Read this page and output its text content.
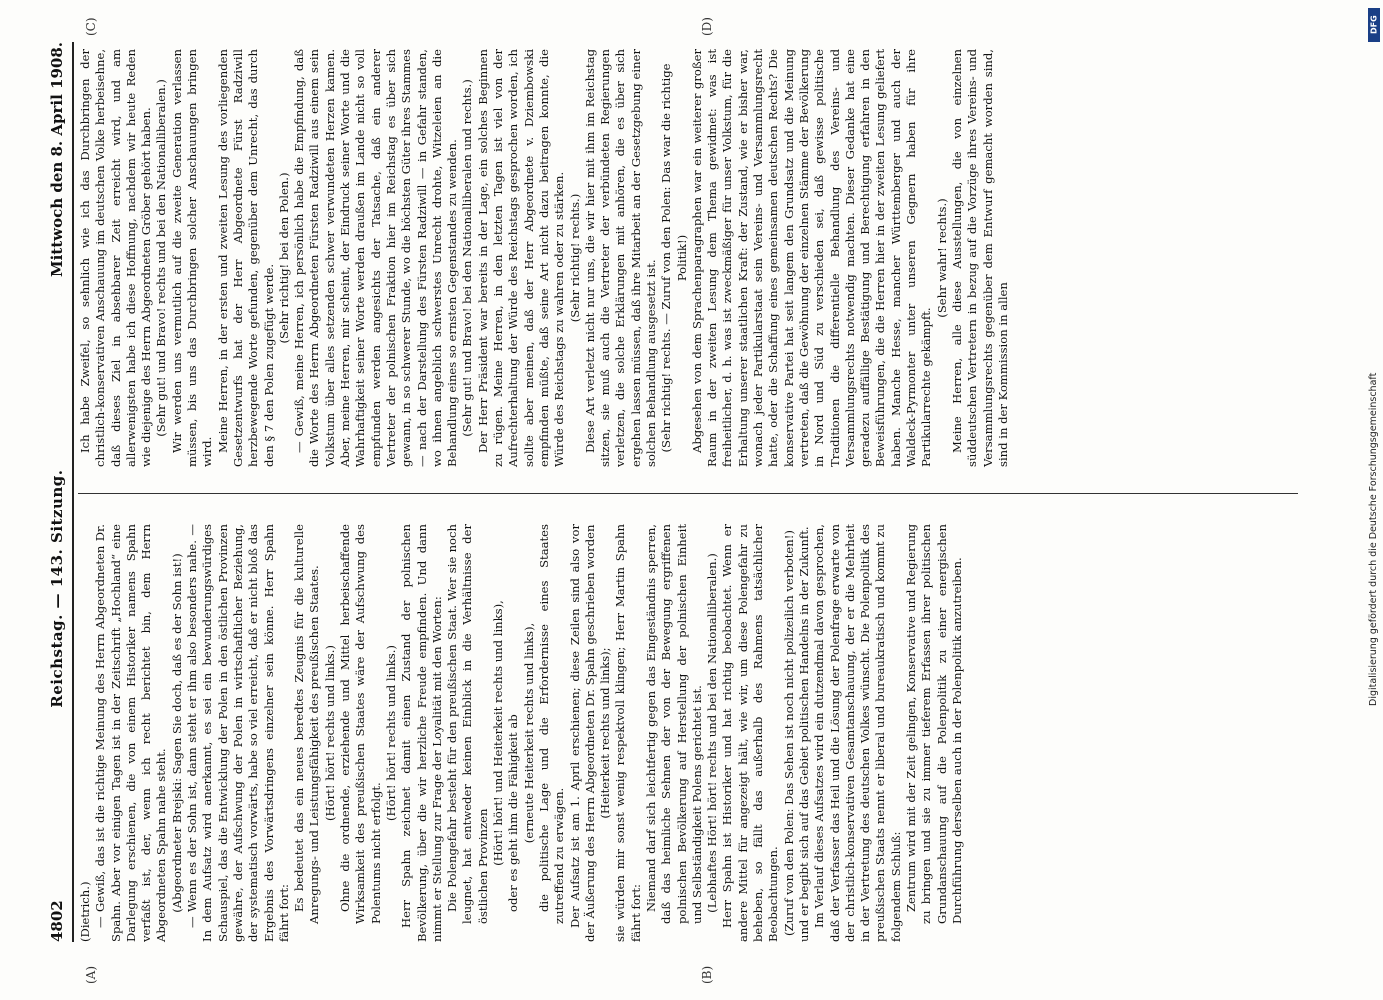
4802
Reichstag. — 143. Sitzung.
Mittwoch den 8. April 1908.
(A)	(B)
(C)	(D)

(Dietrich.) — Gewiß, das ist die richtige Meinung des Herrn Abgeordneten Dr. Spahn. Aber vor einigen Tagen ist in der Zeitschrift „Hochland“ eine Darlegung erschienen, die von einem Historiker namens Spahn verfaßt ist, der, wenn ich recht berichtet bin, dem Herrn Abgeordneten Spahn nahe steht. (Abgeordneter Brejski: Sagen Sie doch, daß es der Sohn ist!) — Wenn es der Sohn ist, dann steht er ihm also besonders nahe. — In dem Aufsatz wird anerkannt, es sei ein bewunderungswürdiges Schauspiel, das die Entwicklung der Polen in den östlichen Provinzen gewähre, der Aufschwung der Polen in wirtschaftlicher Beziehung, der systematisch vorwärts, habe so viel erreicht, daß er nicht bloß das Ergebnis des Vorwärtsdringens einzelner sein könne. Herr Spahn fährt fort:

Es bedeutet das ein neues beredtes Zeugnis für die kulturelle Anregungs- und Leistungsfähigkeit des preußischen Staates. (Hört! hört! rechts und links.) Ohne die ordnende, erziehende und Mittel herbeischaffende Wirksamkeit des preußischen Staates wäre der Aufschwung des Polentums nicht erfolgt.

(Hört! hört! rechts und links.) Herr Spahn zeichnet damit einen Zustand der polnischen Bevölkerung, über die wir herzliche Freude empfinden. Und dann nimmt er Stellung zur Frage der Loyalität mit den Worten: Die Polengefahr besteht für den preußischen Staat. Wer sie noch leugnet, hat entweder keinen Einblick in die Verhältnisse der östlichen Provinzen

(Hört! hört! und Heiterkeit rechts und links), oder es geht ihm die Fähigkeit ab (erneute Heiterkeit rechts und links), die politische Lage und die Erfordernisse eines Staates zutreffend zu erwägen. Der Aufsatz ist am 1. April erschienen; diese Zeilen sind also vor der Äußerung des Herrn Abgeordneten Dr. Spahn geschrieben worden (Heiterkeit rechts und links); sie würden mir sonst wenig respektvoll klingen; Herr Martin Spahn fährt fort:

Niemand darf sich leichtfertig gegen das Eingeständnis sperren, daß das heimliche Sehnen der von der Bewegung ergriffenen polnischen Bevölkerung auf Herstellung der polnischen Einheit und Selbständigkeit Polens gerichtet ist. (Lebhaftes Hört! hört! rechts und bei den Nationalliberalen.) Herr Spahn ist Historiker und hat richtig beobachtet. Wenn er andere Mittel für angezeigt hält, wie wir, um diese Polengefahr zu beheben, so fällt das außerhalb des Rahmens tatsächlicher Beobachtungen. (Zuruf von den Polen: Das Sehen ist noch nicht polizeilich verboten!) und er begibt sich auf das Gebiet politischen Handelns in der Zukunft. Im Verlauf dieses Aufsatzes wird ein dutzendmal davon gesprochen, daß der Verfasser das Heil und die Lösung der Polenfrage erwarte von der christlich-konservativen Gesamtanschauung, der er die Mehrheit in der Vertretung des deutschen Volkes wünscht. Die Polenpolitik des preußischen Staats nennt er liberal und bureaukratisch und kommt zu folgendem Schluß: Zentrum wird mit der Zeit gelingen, Konservative und Regierung zu bringen und sie zu immer tieferem Erfassen ihrer politischen Grundanschauung auf die Polenpolitik zu einer energischen Durchführung derselben auch in der Polenpolitik anzutreiben.

Ich habe Zweifel, so sehnlich wie ich das Durchbringen der christlich-konservativen Anschauung im deutschen Volke herbeisehne, daß dieses Ziel in absehbarer Zeit erreicht wird, und am allerwenigsten habe ich diese Hoffnung, nachdem wir heute Reden wie diejenige des Herrn Abgeordneten Gröber gehört haben. (Sehr gut! und Bravo! rechts und bei den Nationalliberalen.) Wir werden uns vermutlich auf die zweite Generation verlassen müssen, bis uns das Durchbringen solcher Anschauungen bringen wird. Meine Herren, in der ersten und zweiten Lesung des vorliegenden Gesetzentwurfs hat der Herr Abgeordnete Fürst Radziwill herzbewegende Worte gefunden, gegenüber dem Unrecht, das durch den § 7 den Polen zugefügt werde.

(Sehr richtig! bei den Polen.) — Gewiß, meine Herren, ich persönlich habe die Empfindung, daß die Worte des Herrn Abgeordneten Fürsten Radziwill aus einem sein Volkstum über alles setzenden schwer verwundeten Herzen kamen. Aber, meine Herren, mir scheint, der Eindruck seiner Worte und die Wahrhaftigkeit seiner Worte werden draußen im Lande nicht so voll empfunden werden angesichts der Tatsache, daß ein anderer Vertreter der polnischen Fraktion hier im Reichstag es über sich gewann, in so schwerer Stunde, wo die höchsten Güter ihres Stammes — nach der Darstellung des Fürsten Radziwill — in Gefahr standen, wo ihnen angeblich schwerstes Unrecht drohte, Witzeleien an die Behandlung eines so ernsten Gegenstandes zu wenden. (Sehr gut! und Bravo! bei den Nationalliberalen und rechts.) Der Herr Präsident war bereits in der Lage, ein solches Beginnen zu rügen. Meine Herren, in den letzten Tagen ist viel von der Aufrechterhaltung der Würde des Reichstags gesprochen worden, ich sollte aber meinen, daß der Herr Abgeordnete v. Dziembowski empfinden müßte, daß seine Art nicht dazu beitragen konnte, die Würde des Reichstags zu wahren oder zu stärken. (Sehr richtig! rechts.) Diese Art verletzt nicht nur uns, die wir hier mit ihm im Reichstag sitzen, sie muß auch die Vertreter der verbündeten Regierungen verletzen, die solche Erklärungen mit anhören, die es über sich ergehen lassen müssen, daß ihre Mitarbeit an der Gesetzgebung einer solchen Behandlung ausgesetzt ist. (Sehr richtig! rechts. — Zuruf von den Polen: Das war die richtige Politik!) Abgesehen von dem Sprachenparagraphen war ein weiterer großer Raum in der zweiten Lesung dem Thema gewidmet: was ist freiheitlicher, d. h. was ist zweckmäßiger für unser Volkstum, für die Erhaltung unserer staatlichen Kraft: der Zustand, wie er bisher war, wonach jeder Partikularstaat sein Vereins- und Versammlungsrecht hatte, oder die Schaffung eines gemeinsamen deutschen Rechts? Die konservative Partei hat seit langem den Grundsatz und die Meinung vertreten, daß die Gewöhnung der einzelnen Stämme der Bevölkerung in Nord und Süd zu verschieden sei, daß gewisse politische Traditionen die differentielle Behandlung des Vereins- und Versammlungsrechts notwendig machten. Dieser Gedanke hat eine geradezu auffällige Bestätigung und Berechtigung erfahren in den Beweisführungen, die die Herren hier in der zweiten Lesung geliefert haben. Manche Hesse, mancher Württemberger und auch der Waldeck-Pyrmonter unter unseren Gegnern haben für ihre Partikularrechte gekämpft.

(Sehr wahr! rechts.) Meine Herren, alle diese Ausstellungen, die von einzelnen süddeutschen Vertretern in bezug auf die Vorzüge ihres Vereins- und Versammlungsrechts gegenüber dem Entwurf gemacht worden sind, sind in der Kommission in allen

DFG
Digitalisierung gefördert durch die Deutsche Forschungsgemeinschaft
